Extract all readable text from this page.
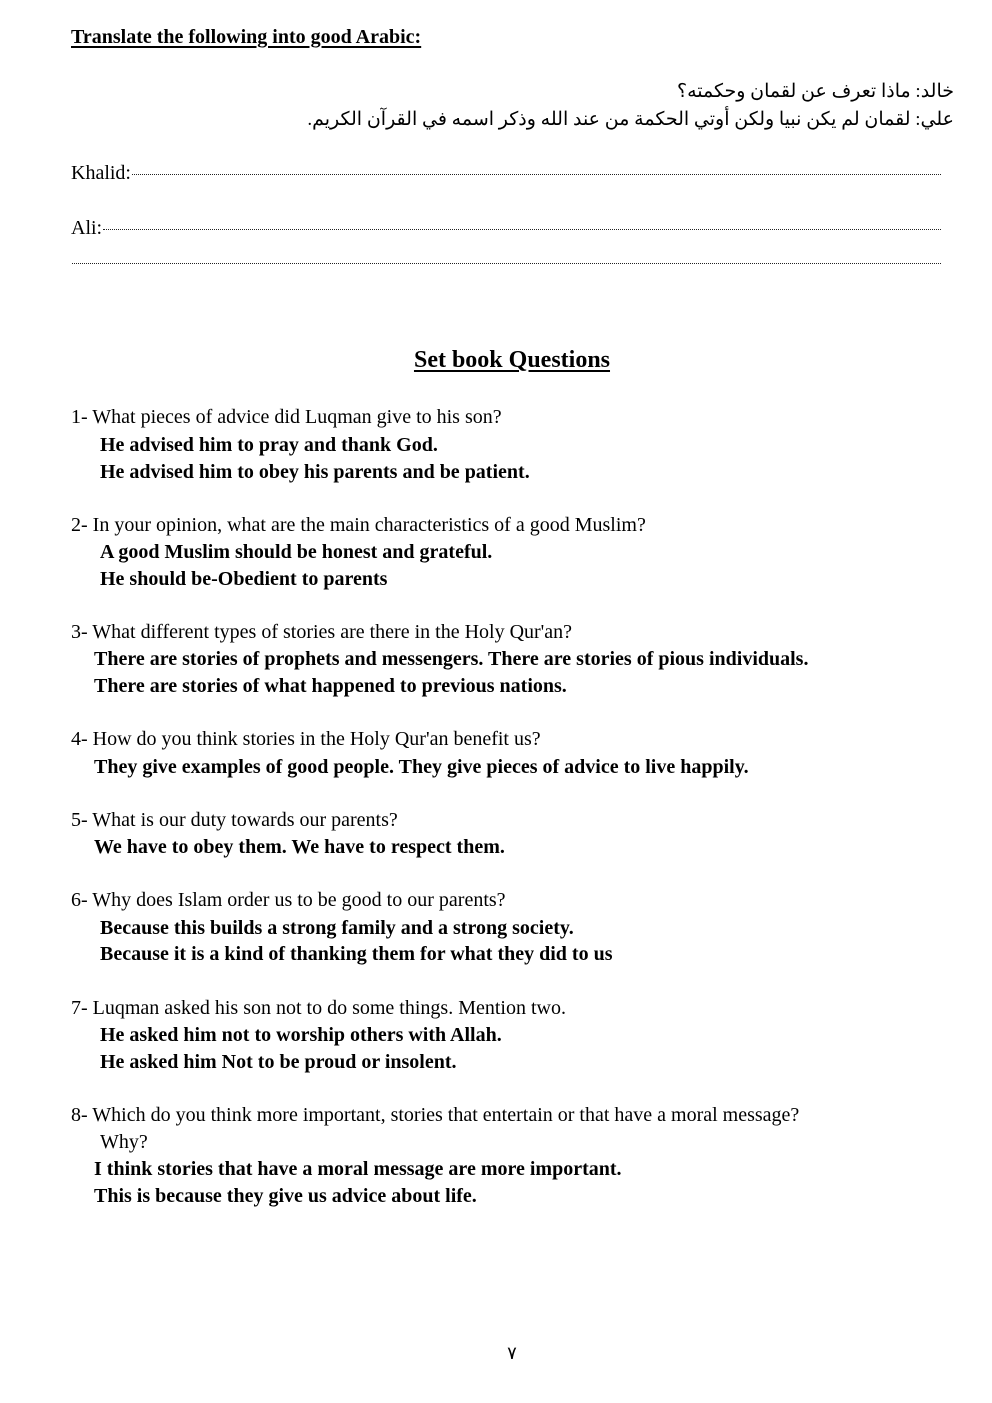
Translate the following into good Arabic:
خالد: ماذا تعرف عن لقمان وحكمته؟
علي: لقمان لم يكن نبيا ولكن أوتي الحكمة من عند الله وذكر اسمه في القرآن الكريم.
Khalid:
Ali:
Set book Questions
1- What pieces of advice did Luqman give to his son?
He advised him to pray and thank God.
He advised him to obey his parents and be patient.
2- In your opinion, what are the main characteristics of a good Muslim?
A good Muslim should be honest and grateful.
He should be-Obedient to parents
3- What different types of stories are there in the Holy Qur'an?
There are stories of prophets and messengers. There are stories of pious individuals.
There are stories of what happened to previous nations.
4- How do you think stories in the Holy Qur'an benefit us?
They give examples of good people. They give pieces of advice to live happily.
5- What is our duty towards our parents?
We have to obey them. We have to respect them.
6- Why does Islam order us to be good to our parents?
Because this builds a strong family and a strong society.
Because it is a kind of thanking them for what they did to us
7- Luqman asked his son not to do some things. Mention two.
He asked him not to worship others with Allah.
He asked him Not to be proud or insolent.
8- Which do you think more important, stories that entertain or that have a moral message?
Why?
I think stories that have a moral message are more important.
This is because they give us advice about life.
٧
